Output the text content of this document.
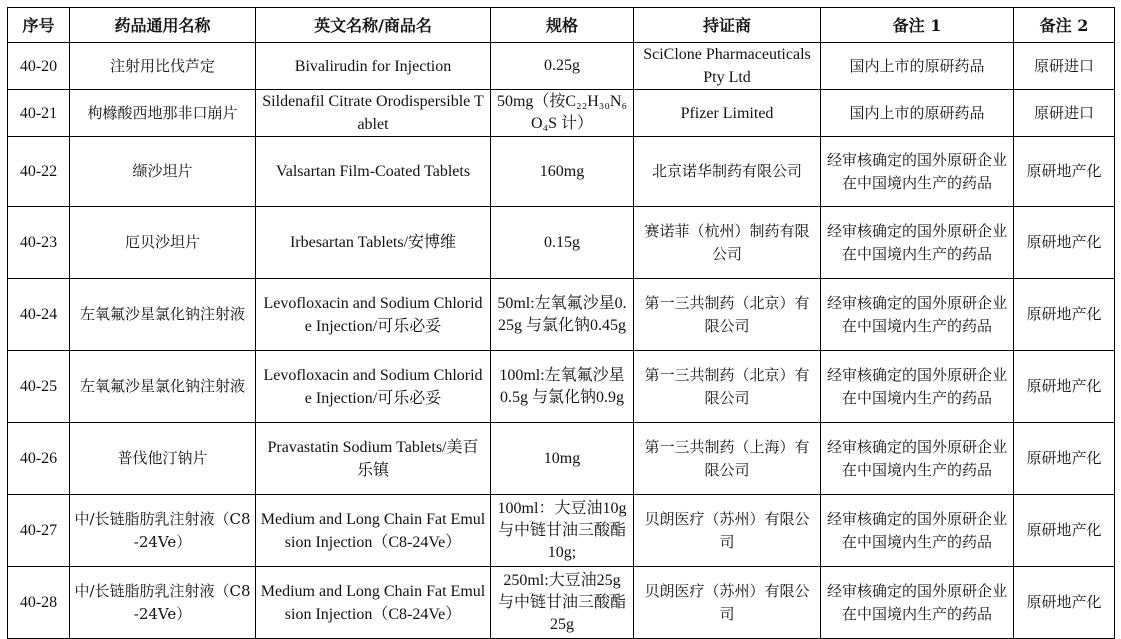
序号	药品通用名称	英文名称/商品名	规格	持证商	备注 1	备注 2
40-20	注射用比伐芦定	Bivalirudin for Injection	0.25g	SciClone Pharmaceuticals Pty Ltd	国内上市的原研药品	原研进口
40-21	枸橼酸西地那非口崩片	Sildenafil Citrate Orodispersible Tablet	50mg（按C₂₂H₃₀N₆O₄S 计）	Pfizer Limited	国内上市的原研药品	原研进口
40-22	缬沙坦片	Valsartan Film-Coated Tablets	160mg	北京诺华制药有限公司	经审核确定的国外原研企业在中国境内生产的药品	原研地产化
40-23	厄贝沙坦片	Irbesartan Tablets/安博维	0.15g	赛诺菲（杭州）制药有限公司	经审核确定的国外原研企业在中国境内生产的药品	原研地产化
40-24	左氧氟沙星氯化钠注射液	Levofloxacin and Sodium Chloride Injection/可乐必妥	50ml:左氧氟沙星0.25g 与氯化钠0.45g	第一三共制药（北京）有限公司	经审核确定的国外原研企业在中国境内生产的药品	原研地产化
40-25	左氧氟沙星氯化钠注射液	Levofloxacin and Sodium Chloride Injection/可乐必妥	100ml:左氧氟沙星 0.5g 与氯化钠0.9g	第一三共制药（北京）有限公司	经审核确定的国外原研企业在中国境内生产的药品	原研地产化
40-26	普伐他汀钠片	Pravastatin Sodium Tablets/美百乐镇	10mg	第一三共制药（上海）有限公司	经审核确定的国外原研企业在中国境内生产的药品	原研地产化
40-27	中/长链脂肪乳注射液（C8-24Ve）	Medium and Long Chain Fat Emulsion Injection（C8-24Ve）	100ml：大豆油10g 与中链甘油三酸酯 10g;	贝朗医疗（苏州）有限公司	经审核确定的国外原研企业在中国境内生产的药品	原研地产化
40-28	中/长链脂肪乳注射液（C8-24Ve）	Medium and Long Chain Fat Emulsion Injection（C8-24Ve）	250ml:大豆油25g 与中链甘油三酸酯 25g	贝朗医疗（苏州）有限公司	经审核确定的国外原研企业在中国境内生产的药品	原研地产化
